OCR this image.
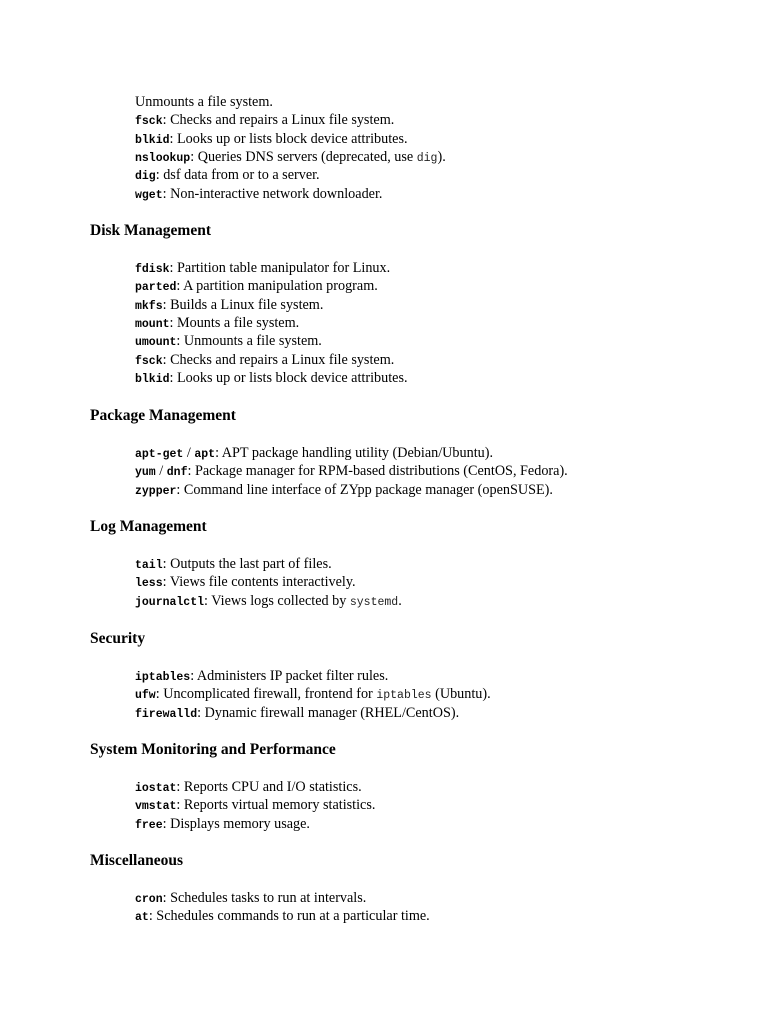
Unmounts a file system.
fsck: Checks and repairs a Linux file system.
blkid: Looks up or lists block device attributes.
nslookup: Queries DNS servers (deprecated, use dig).
dig: dsf data from or to a server.
wget: Non-interactive network downloader.
Disk Management
fdisk: Partition table manipulator for Linux.
parted: A partition manipulation program.
mkfs: Builds a Linux file system.
mount: Mounts a file system.
umount: Unmounts a file system.
fsck: Checks and repairs a Linux file system.
blkid: Looks up or lists block device attributes.
Package Management
apt-get / apt: APT package handling utility (Debian/Ubuntu).
yum / dnf: Package manager for RPM-based distributions (CentOS, Fedora).
zypper: Command line interface of ZYpp package manager (openSUSE).
Log Management
tail: Outputs the last part of files.
less: Views file contents interactively.
journalctl: Views logs collected by systemd.
Security
iptables: Administers IP packet filter rules.
ufw: Uncomplicated firewall, frontend for iptables (Ubuntu).
firewalld: Dynamic firewall manager (RHEL/CentOS).
System Monitoring and Performance
iostat: Reports CPU and I/O statistics.
vmstat: Reports virtual memory statistics.
free: Displays memory usage.
Miscellaneous
cron: Schedules tasks to run at intervals.
at: Schedules commands to run at a particular time.
